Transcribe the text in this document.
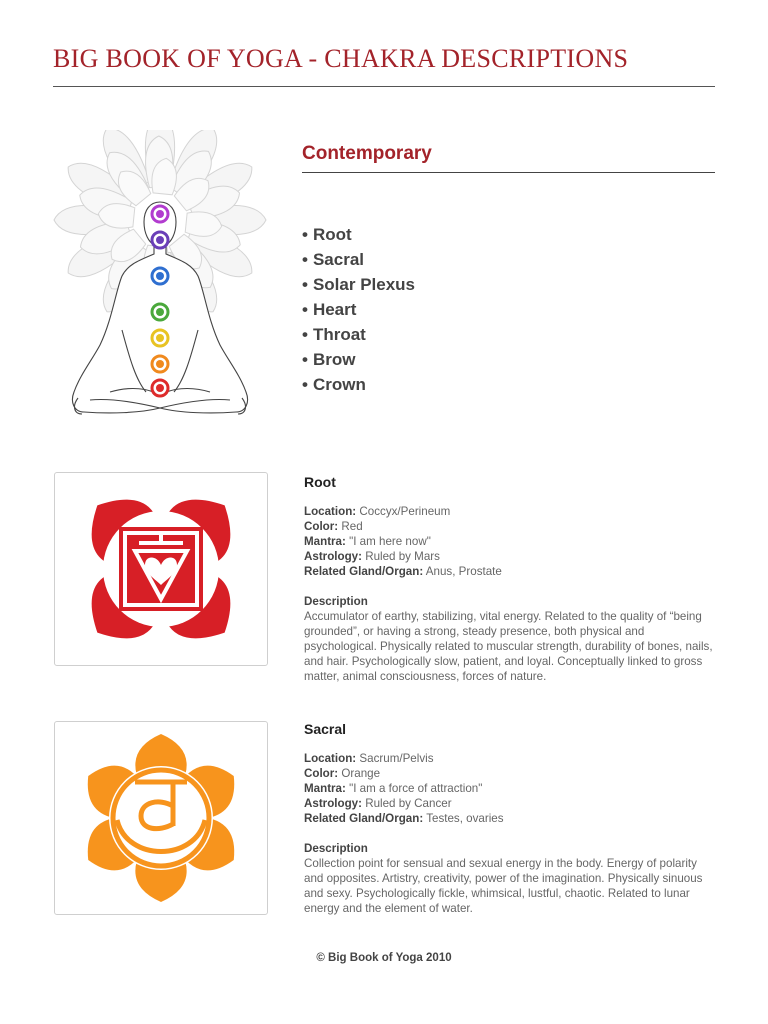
BIG BOOK OF YOGA - CHAKRA DESCRIPTIONS
Contemporary
• Root
• Sacral
• Solar Plexus
• Heart
• Throat
• Brow
• Crown
Root
Location: Coccyx/Perineum
Color: Red
Mantra: "I am here now"
Astrology: Ruled by Mars
Related Gland/Organ: Anus, Prostate
Description

Accumulator of earthy, stabilizing, vital energy. Related to the quality of “being grounded”, or having a strong, steady presence, both physical and psychological. Physically related to muscular strength, durability of bones, nails, and hair. Psychologically slow, patient, and loyal. Conceptually linked to gross matter, animal consciousness, forces of nature.

Sacral
Location: Sacrum/Pelvis
Color: Orange
Mantra: "I am a force of attraction"
Astrology: Ruled by Cancer
Related Gland/Organ: Testes, ovaries
Description

Collection point for sensual and sexual energy in the body. Energy of polarity and opposites. Artistry, creativity, power of the imagination. Physically sinuous and sexy. Psychologically fickle, whimsical, lustful, chaotic. Related to lunar energy and the element of water.

© Big Book of Yoga 2010
